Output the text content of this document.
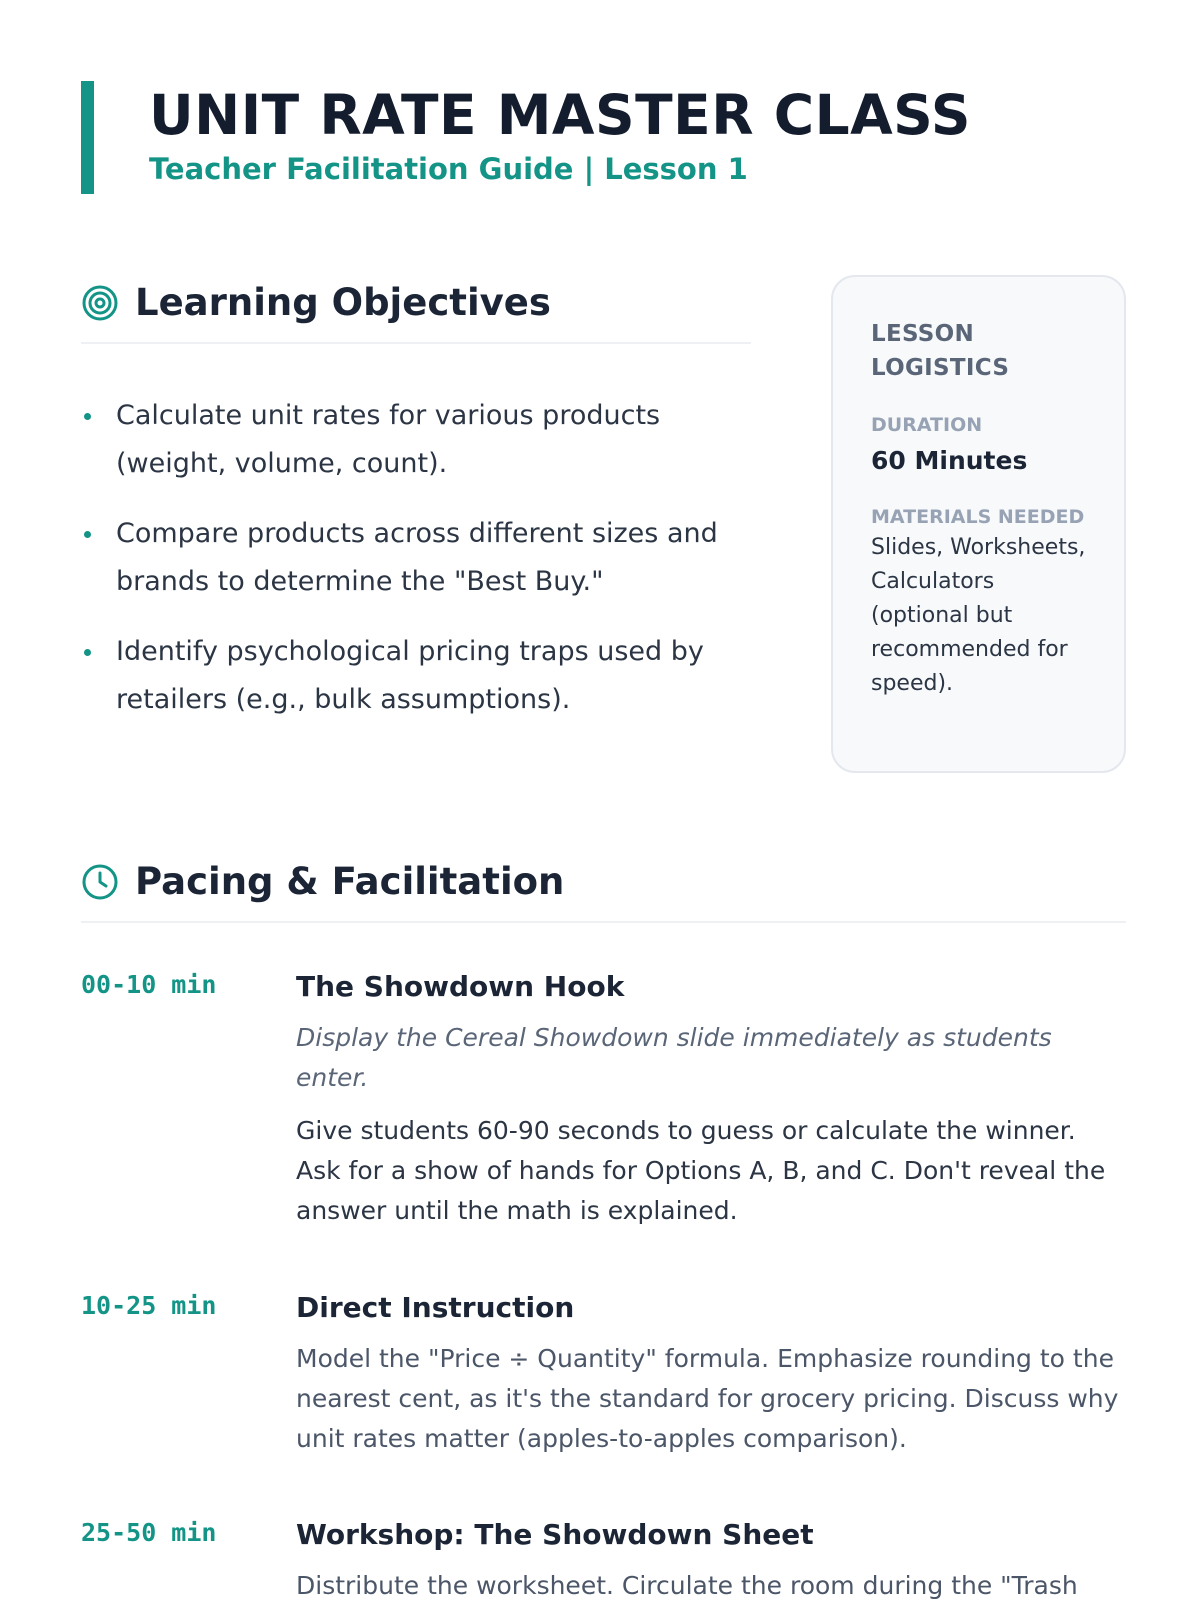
UNIT RATE MASTER CLASS
Teacher Facilitation Guide | Lesson 1
Learning Objectives
Calculate unit rates for various products (weight, volume, count).
Compare products across different sizes and brands to determine the "Best Buy."
Identify psychological pricing traps used by retailers (e.g., bulk assumptions).
LESSON LOGISTICS
DURATION
60 Minutes
MATERIALS NEEDED
Slides, Worksheets, Calculators (optional but recommended for speed).
Pacing & Facilitation
00-10 min	The Showdown Hook
Display the Cereal Showdown slide immediately as students enter.
Give students 60-90 seconds to guess or calculate the winner. Ask for a show of hands for Options A, B, and C. Don't reveal the answer until the math is explained.
10-25 min	Direct Instruction
Model the "Price ÷ Quantity" formula. Emphasize rounding to the nearest cent, as it's the standard for grocery pricing. Discuss why unit rates matter (apples-to-apples comparison).
25-50 min	Workshop: The Showdown Sheet
Distribute the worksheet. Circulate the room during the "Trash
